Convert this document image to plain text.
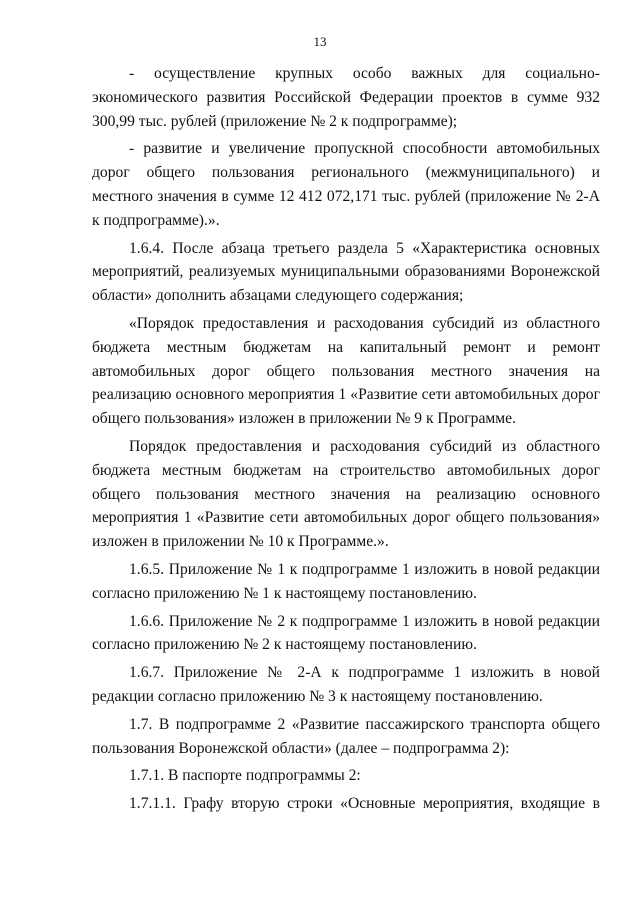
13

- осуществление крупных особо важных для социально-экономического развития Российской Федерации проектов в сумме 932 300,99 тыс. рублей (приложение № 2 к подпрограмме);

- развитие и увеличение пропускной способности автомобильных дорог общего пользования регионального (межмуниципального) и местного значения в сумме 12 412 072,171 тыс. рублей (приложение № 2-А к подпрограмме).».

1.6.4. После абзаца третьего раздела 5 «Характеристика основных мероприятий, реализуемых муниципальными образованиями Воронежской области» дополнить абзацами следующего содержания;

«Порядок предоставления и расходования субсидий из областного бюджета местным бюджетам на капитальный ремонт и ремонт автомобильных дорог общего пользования местного значения на реализацию основного мероприятия 1 «Развитие сети автомобильных дорог общего пользования» изложен в приложении № 9 к Программе.

Порядок предоставления и расходования субсидий из областного бюджета местным бюджетам на строительство автомобильных дорог общего пользования местного значения на реализацию основного мероприятия 1 «Развитие сети автомобильных дорог общего пользования» изложен в приложении № 10 к Программе.».

1.6.5. Приложение № 1 к подпрограмме 1 изложить в новой редакции согласно приложению № 1 к настоящему постановлению.

1.6.6. Приложение № 2 к подпрограмме 1 изложить в новой редакции согласно приложению № 2 к настоящему постановлению.

1.6.7. Приложение № 2-А к подпрограмме 1 изложить в новой редакции согласно приложению № 3 к настоящему постановлению.

1.7. В подпрограмме 2 «Развитие пассажирского транспорта общего пользования Воронежской области» (далее – подпрограмма 2):

1.7.1. В паспорте подпрограммы 2:

1.7.1.1. Графу вторую строки «Основные мероприятия, входящие в
